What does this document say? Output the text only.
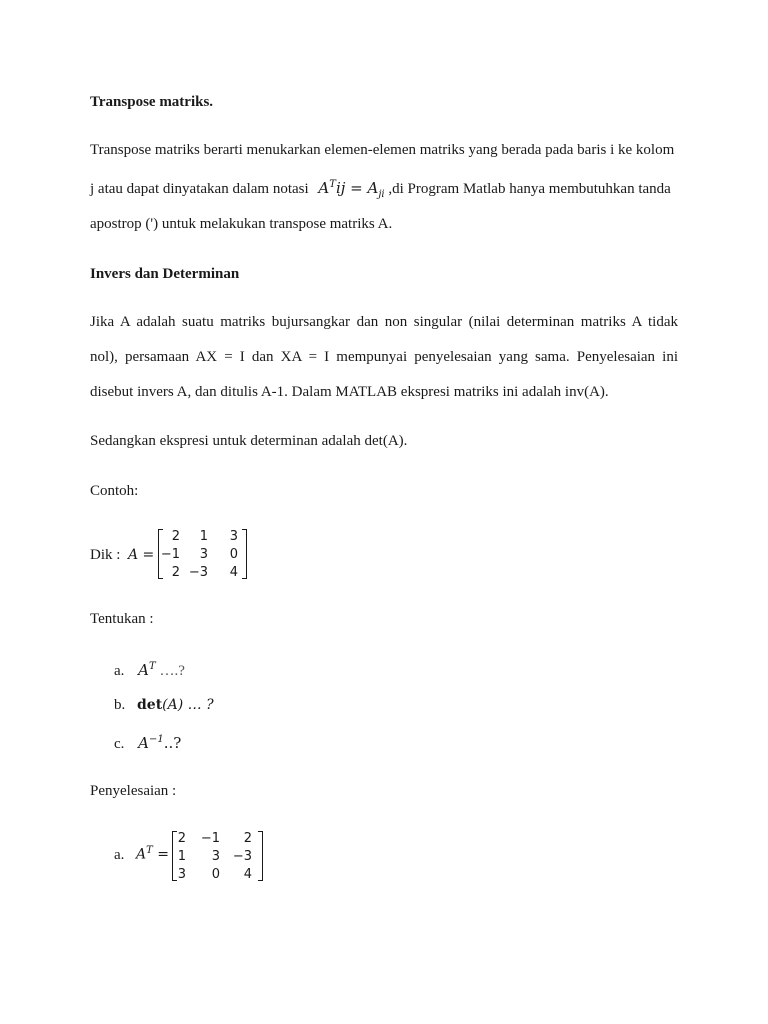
Transpose matriks.
Transpose matriks berarti menukarkan elemen-elemen matriks yang berada pada baris i ke kolom
j atau dapat dinyatakan dalam notasi $A^Tij = A_{ji}$ ,di Program Matlab hanya membutuhkan tanda
apostrop (') untuk melakukan transpose matriks A.
Invers dan Determinan
Jika A adalah suatu matriks bujursangkar dan non singular (nilai determinan matriks A tidak
nol), persamaan AX = I dan XA = I mempunyai penyelesaian yang sama. Penyelesaian ini
disebut invers A, dan ditulis A-1. Dalam MATLAB ekspresi matriks ini adalah inv(A).
Sedangkan ekspresi untuk determinan adalah det(A).
Contoh:
Dik : A =
2	1	3
−1	3	0
2 −3	4
Tentukan :
a. $A^T$ ….?
b. det(A) … ?
c. $A^{-1}$..?
Penyelesaian :
a. $A^T$ =
2	−1	2
1	3 −3
3	0	4
